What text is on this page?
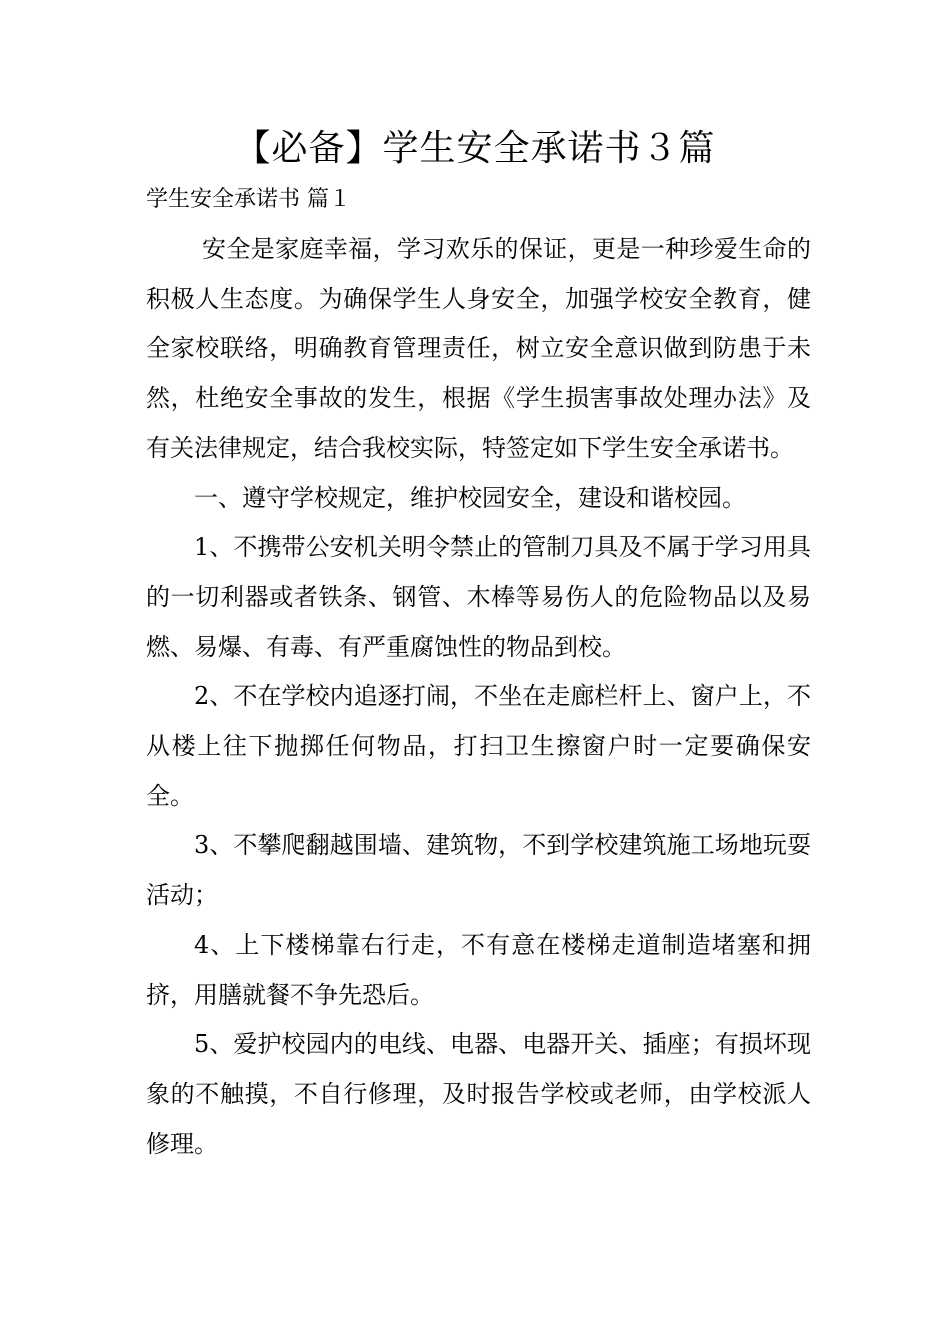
【必备】学生安全承诺书３篇
学生安全承诺书 篇１

安全是家庭幸福，学习欢乐的保证，更是一种珍爱生命的积极人生态度。为确保学生人身安全，加强学校安全教育，健全家校联络，明确教育管理责任，树立安全意识做到防患于未然，杜绝安全事故的发生，根据《学生损害事故处理办法》及有关法律规定，结合我校实际，特签定如下学生安全承诺书。

一、遵守学校规定，维护校园安全，建设和谐校园。

1、不携带公安机关明令禁止的管制刀具及不属于学习用具的一切利器或者铁条、钢管、木棒等易伤人的危险物品以及易燃、易爆、有毒、有严重腐蚀性的物品到校。

2、不在学校内追逐打闹，不坐在走廊栏杆上、窗户上，不从楼上往下抛掷任何物品，打扫卫生擦窗户时一定要确保安全。

3、不攀爬翻越围墙、建筑物，不到学校建筑施工场地玩耍活动；

4、上下楼梯靠右行走，不有意在楼梯走道制造堵塞和拥挤，用膳就餐不争先恐后。

5、爱护校园内的电线、电器、电器开关、插座；有损坏现象的不触摸，不自行修理，及时报告学校或老师，由学校派人修理。
